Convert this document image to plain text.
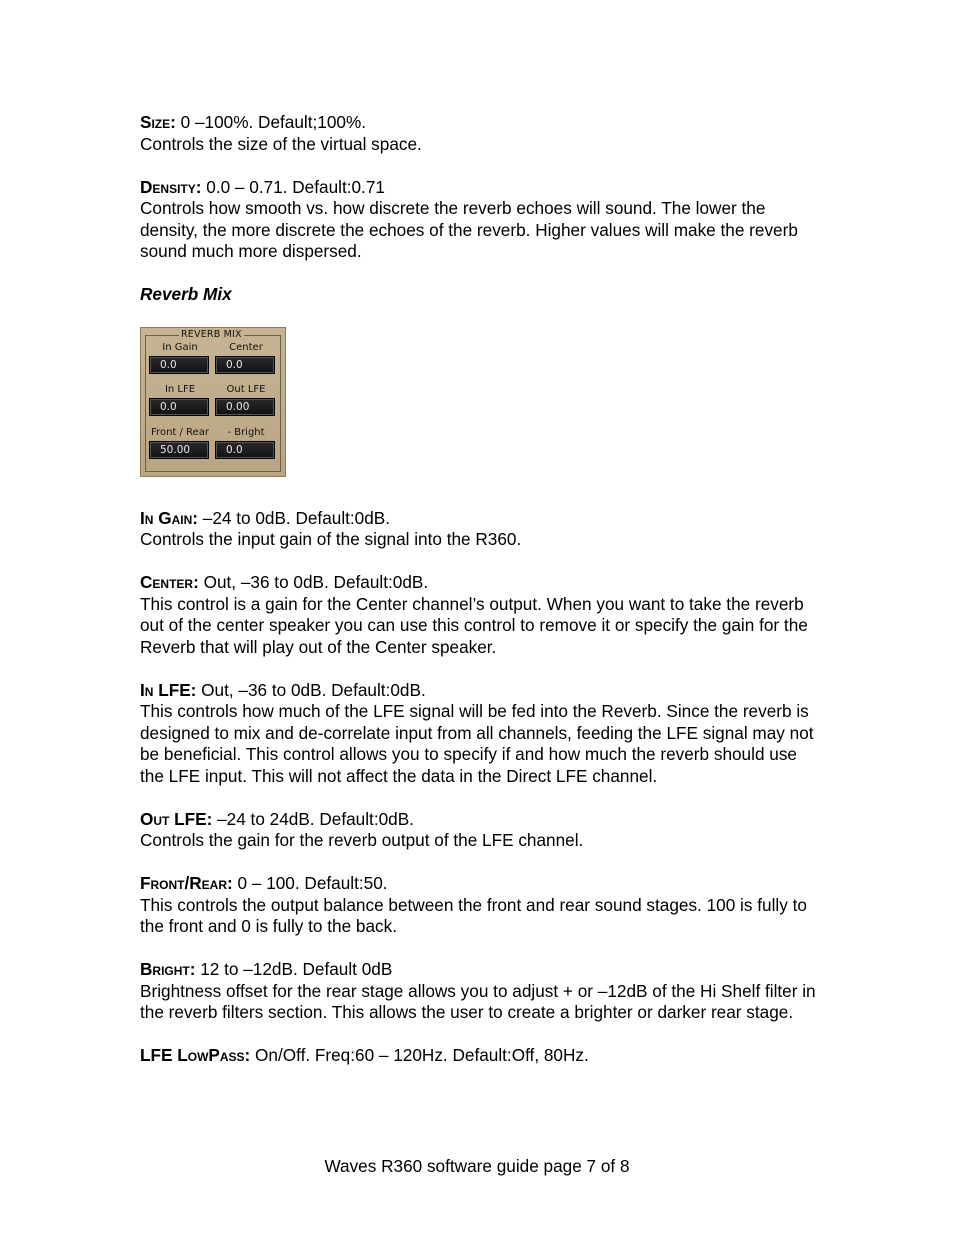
Size: 0 –100%. Default;100%.

Controls the size of the virtual space.

Density: 0.0 – 0.71. Default:0.71

Controls how smooth vs. how discrete the reverb echoes will sound. The lower the density, the more discrete the echoes of the reverb. Higher values will make the reverb sound much more dispersed.

Reverb Mix

REVERB MIX
In Gain
0.0
Center
0.0
In LFE
0.0
Out LFE
0.00
Front / Rear
50.00
- Bright
0.0

In Gain: –24 to 0dB. Default:0dB.

Controls the input gain of the signal into the R360.

Center: Out, –36 to 0dB. Default:0dB.

This control is a gain for the Center channel’s output. When you want to take the reverb out of the center speaker you can use this control to remove it or specify the gain for the Reverb that will play out of the Center speaker.

In LFE: Out, –36 to 0dB. Default:0dB.

This controls how much of the LFE signal will be fed into the Reverb. Since the reverb is designed to mix and de-correlate input from all channels, feeding the LFE signal may not be beneficial. This control allows you to specify if and how much the reverb should use the LFE input. This will not affect the data in the Direct LFE channel.

Out LFE: –24 to 24dB. Default:0dB.

Controls the gain for the reverb output of the LFE channel.

Front/Rear: 0 – 100. Default:50.

This controls the output balance between the front and rear sound stages. 100 is fully to the front and 0 is fully to the back.

Bright: 12 to –12dB. Default 0dB

Brightness offset for the rear stage allows you to adjust + or –12dB of the Hi Shelf filter in the reverb filters section. This allows the user to create a brighter or darker rear stage.

LFE LowPass: On/Off. Freq:60 – 120Hz. Default:Off, 80Hz.

Waves R360 software guide page 7 of 8
